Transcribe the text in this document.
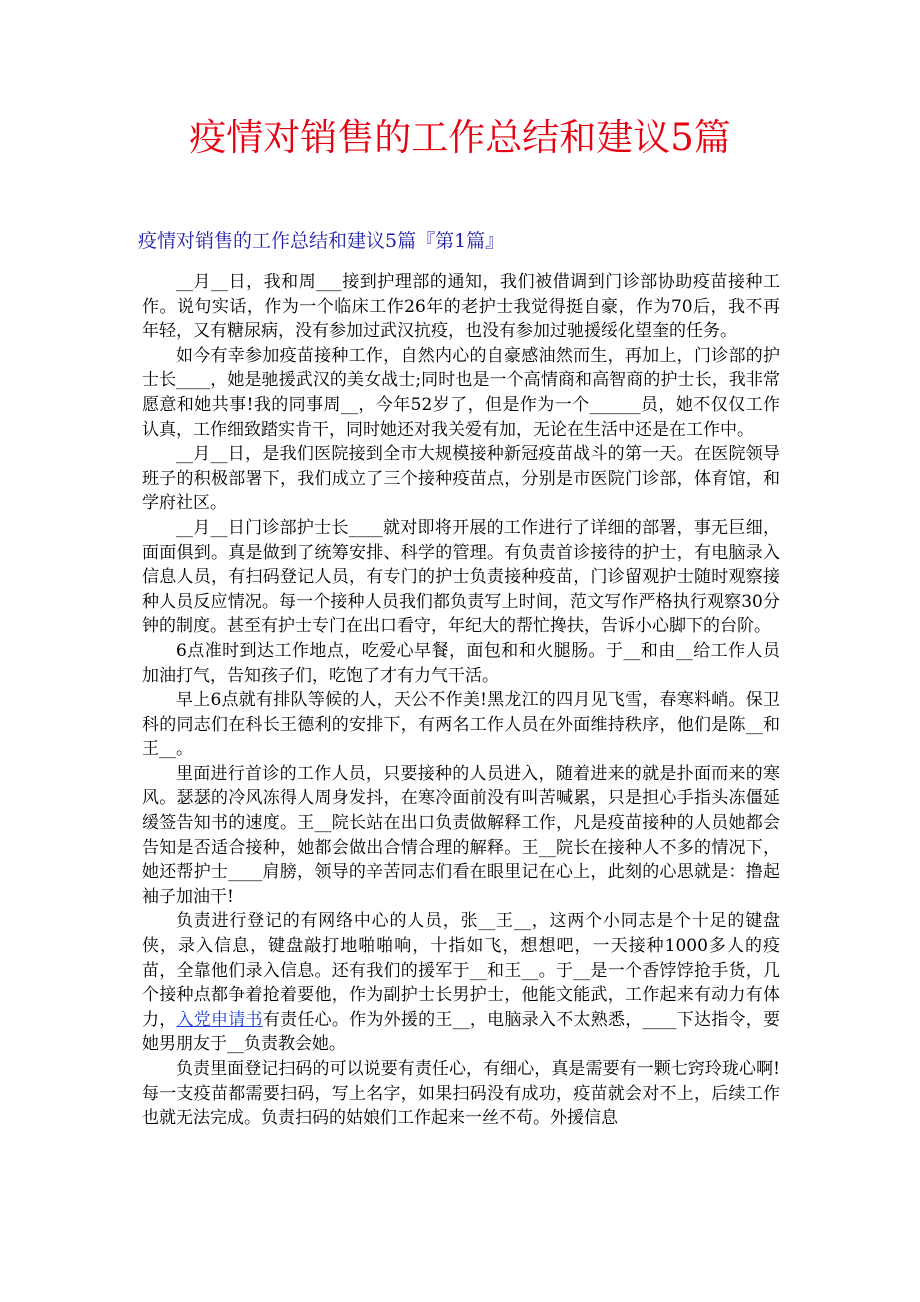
疫情对销售的工作总结和建议5篇
疫情对销售的工作总结和建议5篇『第1篇』

__月__日，我和周___接到护理部的通知，我们被借调到门诊部协助疫苗接种工作。说句实话，作为一个临床工作26年的老护士我觉得挺自豪，作为70后，我不再年轻，又有糖尿病，没有参加过武汉抗疫，也没有参加过驰援绥化望奎的任务。

如今有幸参加疫苗接种工作，自然内心的自豪感油然而生，再加上，门诊部的护士长____，她是驰援武汉的美女战士;同时也是一个高情商和高智商的护士长，我非常愿意和她共事!我的同事周__，今年52岁了，但是作为一个______员，她不仅仅工作认真，工作细致踏实肯干，同时她还对我关爱有加，无论在生活中还是在工作中。

__月__日，是我们医院接到全市大规模接种新冠疫苗战斗的第一天。在医院领导班子的积极部署下，我们成立了三个接种疫苗点，分别是市医院门诊部，体育馆，和学府社区。

__月__日门诊部护士长____就对即将开展的工作进行了详细的部署，事无巨细，面面俱到。真是做到了统筹安排、科学的管理。有负责首诊接待的护士，有电脑录入信息人员，有扫码登记人员，有专门的护士负责接种疫苗，门诊留观护士随时观察接种人员反应情况。每一个接种人员我们都负责写上时间，范文写作严格执行观察30分钟的制度。甚至有护士专门在出口看守，年纪大的帮忙搀扶，告诉小心脚下的台阶。

6点准时到达工作地点，吃爱心早餐，面包和和火腿肠。于__和由__给工作人员加油打气，告知孩子们，吃饱了才有力气干活。

早上6点就有排队等候的人，天公不作美!黑龙江的四月见飞雪，春寒料峭。保卫科的同志们在科长王德利的安排下，有两名工作人员在外面维持秩序，他们是陈__和王__。

里面进行首诊的工作人员，只要接种的人员进入，随着进来的就是扑面而来的寒风。瑟瑟的冷风冻得人周身发抖，在寒冷面前没有叫苦喊累，只是担心手指头冻僵延缓签告知书的速度。王__院长站在出口负责做解释工作，凡是疫苗接种的人员她都会告知是否适合接种，她都会做出合情合理的解释。王__院长在接种人不多的情况下，她还帮护士____肩膀，领导的辛苦同志们看在眼里记在心上，此刻的心思就是：撸起袖子加油干!

负责进行登记的有网络中心的人员，张__王__，这两个小同志是个十足的键盘侠，录入信息，键盘敲打地啪啪响，十指如飞，想想吧，一天接种1000多人的疫苗，全靠他们录入信息。还有我们的援军于__和王__。于__是一个香饽饽抢手货，几个接种点都争着抢着要他，作为副护士长男护士，他能文能武，工作起来有动力有体力，入党申请书有责任心。作为外援的王__，电脑录入不太熟悉，____下达指令，要她男朋友于__负责教会她。

负责里面登记扫码的可以说要有责任心，有细心，真是需要有一颗七窍玲珑心啊!每一支疫苗都需要扫码，写上名字，如果扫码没有成功，疫苗就会对不上，后续工作也就无法完成。负责扫码的姑娘们工作起来一丝不苟。外援信息
